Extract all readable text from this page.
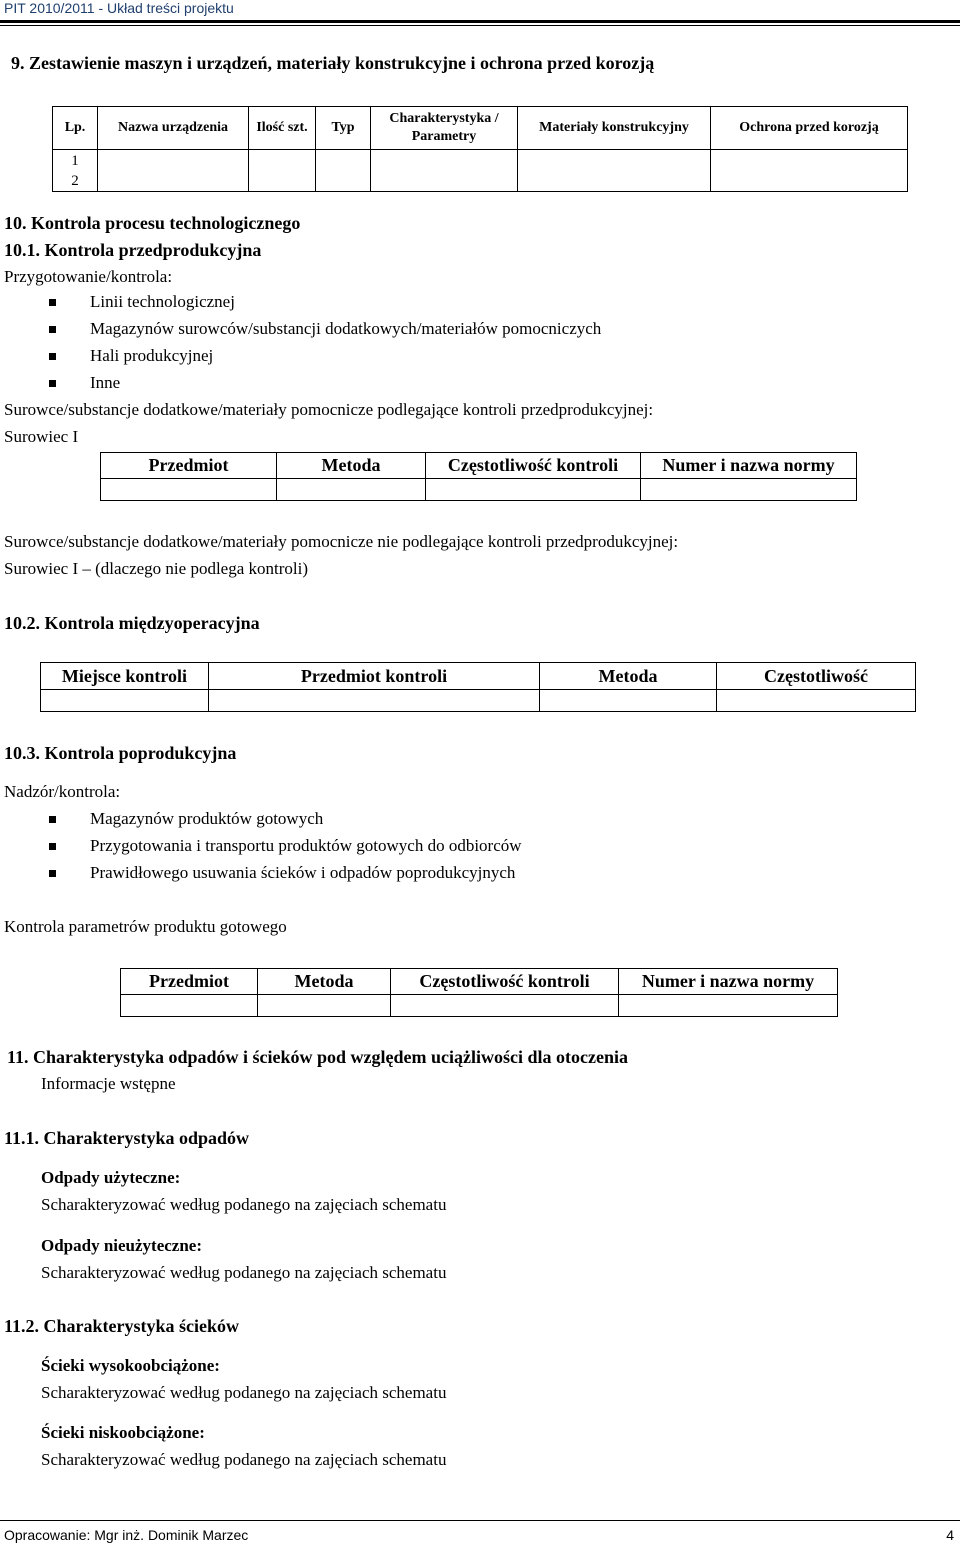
PIT 2010/2011 - Układ treści projektu
9. Zestawienie maszyn i urządzeń, materiały konstrukcyjne i ochrona przed korozją
Lp.	Nazwa urządzenia	Ilość szt.	Typ	Charakterystyka / Parametry	Materiały konstrukcyjny	Ochrona przed korozją
1
2						
10. Kontrola procesu technologicznego
10.1. Kontrola przedprodukcyjna
Przygotowanie/kontrola:
Linii technologicznej
Magazynów surowców/substancji dodatkowych/materiałów pomocniczych
Hali produkcyjnej
Inne
Surowce/substancje dodatkowe/materiały pomocnicze podlegające kontroli przedprodukcyjnej:
Surowiec I
Przedmiot	Metoda	Częstotliwość kontroli	Numer i nazwa normy

Surowce/substancje dodatkowe/materiały pomocnicze nie podlegające kontroli przedprodukcyjnej:
Surowiec I – (dlaczego nie podlega kontroli)
10.2. Kontrola międzyoperacyjna
Miejsce kontroli	Przedmiot kontroli	Metoda	Częstotliwość

10.3. Kontrola poprodukcyjna
Nadzór/kontrola:
Magazynów produktów gotowych
Przygotowania i transportu produktów gotowych do odbiorców
Prawidłowego usuwania ścieków i odpadów poprodukcyjnych
Kontrola parametrów produktu gotowego
Przedmiot	Metoda	Częstotliwość kontroli	Numer i nazwa normy

11. Charakterystyka odpadów i ścieków pod względem uciążliwości dla otoczenia
Informacje wstępne
11.1. Charakterystyka odpadów
Odpady użyteczne:
Scharakteryzować według podanego na zajęciach schematu
Odpady nieużyteczne:
Scharakteryzować według podanego na zajęciach schematu
11.2. Charakterystyka ścieków
Ścieki wysokoobciążone:
Scharakteryzować według podanego na zajęciach schematu
Ścieki niskoobciążone:
Scharakteryzować według podanego na zajęciach schematu
Opracowanie: Mgr inż. Dominik Marzec	4
